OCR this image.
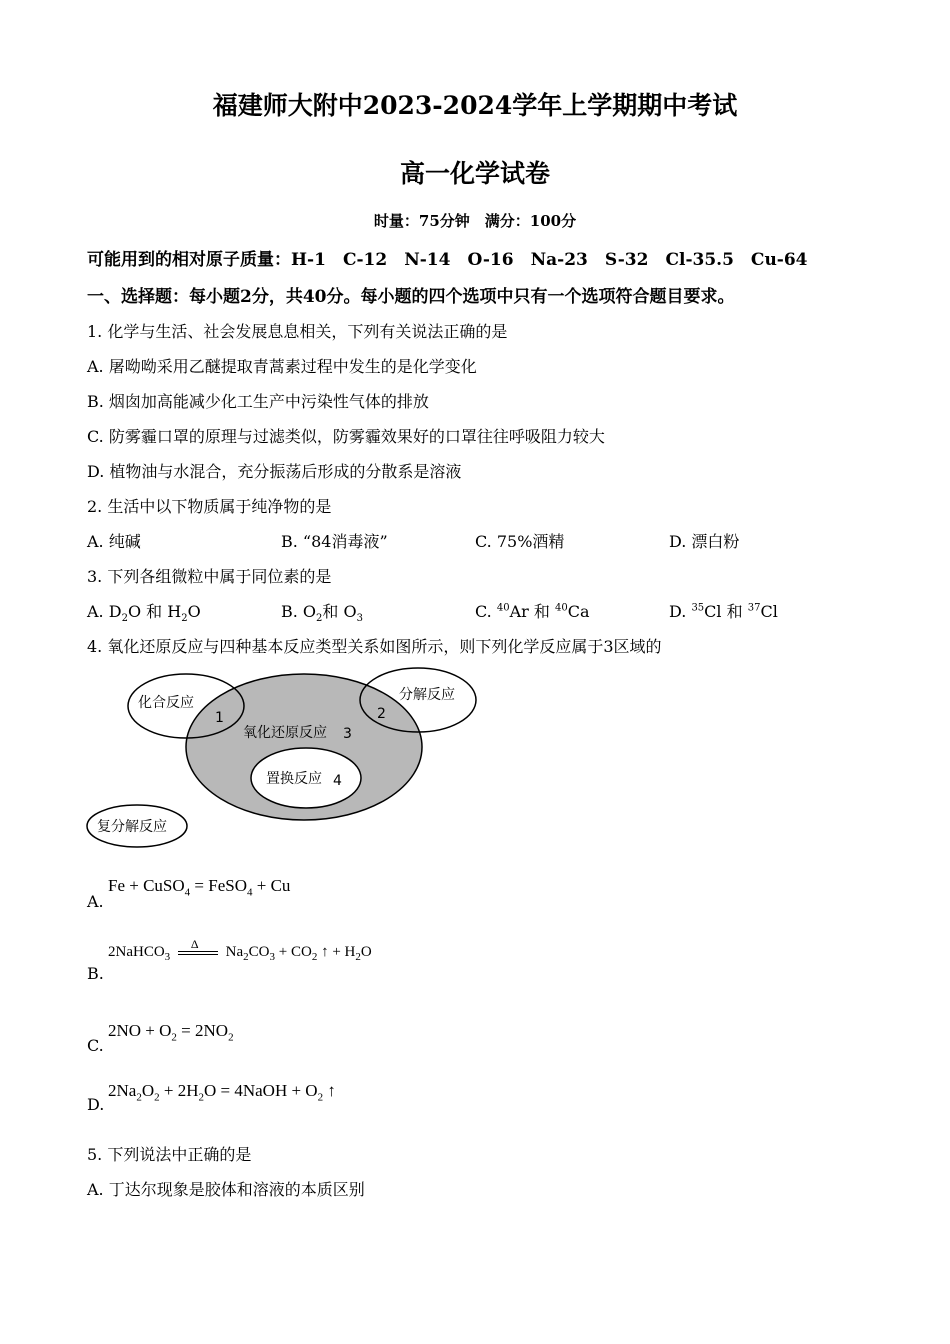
福建师大附中2023-2024学年上学期期中考试
高一化学试卷
时量：75分钟　满分：100分
可能用到的相对原子质量：H-1　C-12　N-14　O-16　Na-23　S-32　Cl-35.5　Cu-64
一、选择题：每小题2分，共40分。每小题的四个选项中只有一个选项符合题目要求。
1. 化学与生活、社会发展息息相关，下列有关说法正确的是
A. 屠呦呦采用乙醚提取青蒿素过程中发生的是化学变化
B. 烟囱加高能减少化工生产中污染性气体的排放
C. 防雾霾口罩的原理与过滤类似，防雾霾效果好的口罩往往呼吸阻力较大
D. 植物油与水混合，充分振荡后形成的分散系是溶液
2. 生活中以下物质属于纯净物的是
A. 纯碱	B. “84消毒液”	C. 75%酒精	D. 漂白粉
3. 下列各组微粒中属于同位素的是
A. $D_2O$ 和 $H_2O$	B. $O_2$和 $O_3$	C. $^{40}$Ar 和 $^{40}$Ca	D. $^{35}$Cl 和 $^{37}$Cl
4. 氧化还原反应与四种基本反应类型关系如图所示，则下列化学反应属于3区域的
化合反应
1
分解反应
2
氧化还原反应 3
置换反应 4
复分解反应
A.
Fe + CuSO$_4$ = FeSO$_4$ + Cu
B.
2NaHCO$_3$
Δ
$Na_2CO_3 + CO_2$ ↑ + $H_2O$
C.
$2NO + O_2 = 2NO_2$
D.
$2Na_2O_2 + 2H_2O$ = 4NaOH + $O_2$ ↑
5. 下列说法中正确的是
A. 丁达尔现象是胶体和溶液的本质区别
